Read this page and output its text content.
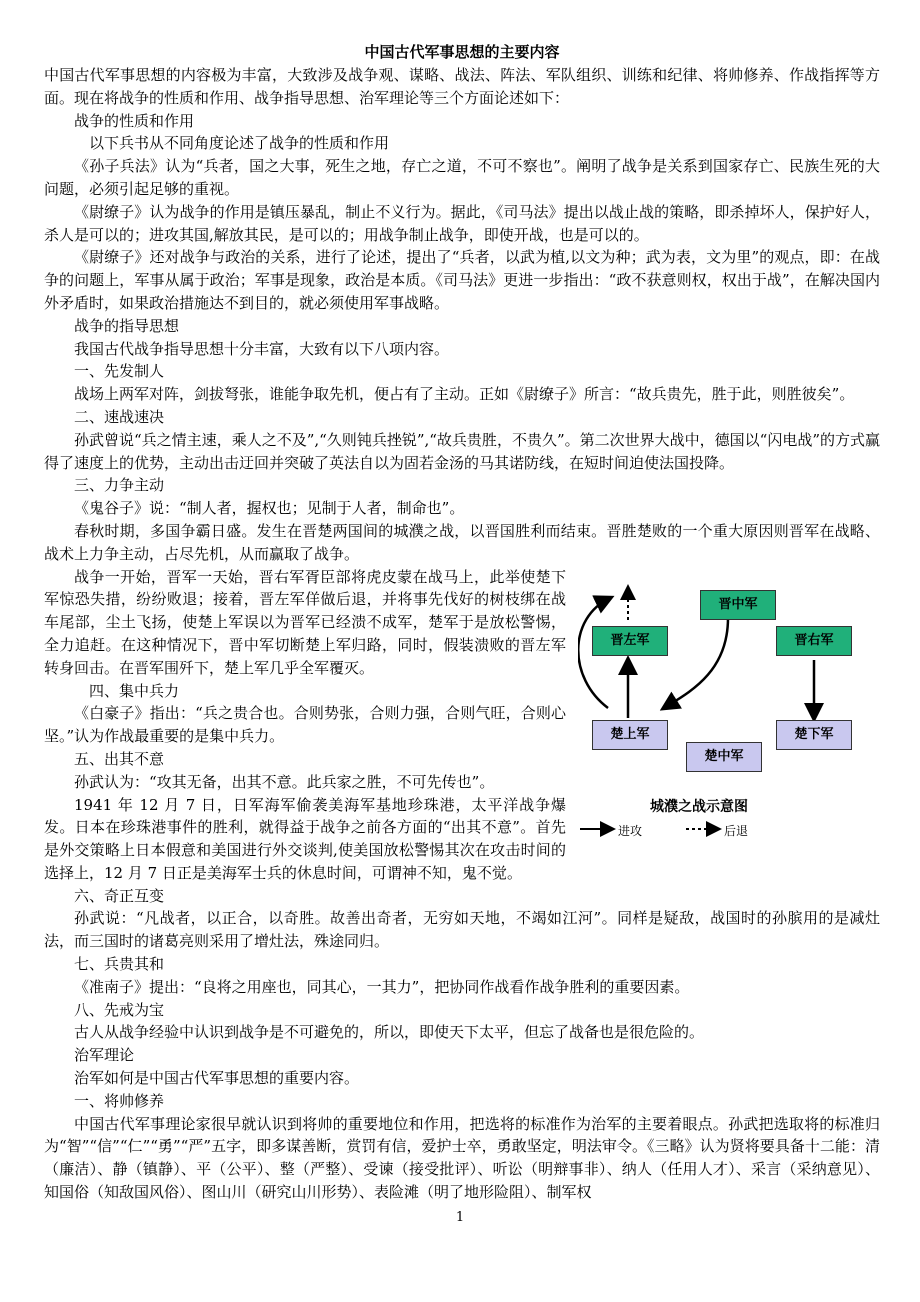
中国古代军事思想的主要内容

中国古代军事思想的内容极为丰富，大致涉及战争观、谋略、战法、阵法、军队组织、训练和纪律、将帅修养、作战指挥等方面。现在将战争的性质和作用、战争指导思想、治军理论等三个方面论述如下：

战争的性质和作用

以下兵书从不同角度论述了战争的性质和作用

《孙子兵法》认为“兵者，国之大事，死生之地，存亡之道，不可不察也”。阐明了战争是关系到国家存亡、民族生死的大问题，必须引起足够的重视。

《尉缭子》认为战争的作用是镇压暴乱，制止不义行为。据此，《司马法》提出以战止战的策略，即杀掉坏人，保护好人，杀人是可以的；进攻其国,解放其民，是可以的；用战争制止战争，即使开战，也是可以的。

《尉缭子》还对战争与政治的关系，进行了论述，提出了“兵者，以武为植,以文为种；武为表，文为里”的观点，即：在战争的问题上，军事从属于政治；军事是现象，政治是本质。《司马法》更进一步指出：“政不获意则权，权出于战”，在解决国内外矛盾时，如果政治措施达不到目的，就必须使用军事战略。

战争的指导思想

我国古代战争指导思想十分丰富，大致有以下八项内容。

一、先发制人

战场上两军对阵，剑拔弩张，谁能争取先机，便占有了主动。正如《尉缭子》所言：“故兵贵先，胜于此，则胜彼矣”。

二、速战速决

孙武曾说“兵之情主速，乘人之不及”,“久则钝兵挫锐”,“故兵贵胜，不贵久”。第二次世界大战中，德国以“闪电战”的方式赢得了速度上的优势，主动出击迂回并突破了英法自以为固若金汤的马其诺防线，在短时间迫使法国投降。

三、力争主动

《鬼谷子》说：“制人者，握权也；见制于人者，制命也”。

春秋时期，多国争霸日盛。发生在晋楚两国间的城濮之战，以晋国胜利而结束。晋胜楚败的一个重大原因则晋军在战略、战术上力争主动，占尽先机，从而赢取了战争。

晋中军
晋左军	晋右军
楚上军
楚中军
楚下军
城濮之战示意图
进攻	后退

战争一开始，晋军一天始，晋右军胥臣部将虎皮蒙在战马上，此举使楚下军惊恐失措，纷纷败退；接着，晋左军佯做后退，并将事先伐好的树枝绑在战车尾部，尘土飞扬，使楚上军误以为晋军已经溃不成军，楚军于是放松警惕，全力追赶。在这种情况下，晋中军切断楚上军归路，同时，假装溃败的晋左军转身回击。在晋军围歼下，楚上军几乎全军覆灭。

四、集中兵力

《白豪子》指出：“兵之贵合也。合则势张，合则力强，合则气旺，合则心坚。”认为作战最重要的是集中兵力。

五、出其不意

孙武认为：“攻其无备，出其不意。此兵家之胜，不可先传也”。

1941 年 12 月 7 日，日军海军偷袭美海军基地珍珠港，太平洋战争爆发。日本在珍珠港事件的胜利，就得益于战争之前各方面的“出其不意”。首先是外交策略上日本假意和美国进行外交谈判,使美国放松警惕其次在攻击时间的选择上，12 月 7 日正是美海军士兵的休息时间，可谓神不知，鬼不觉。

六、奇正互变

孙武说：“凡战者，以正合，以奇胜。故善出奇者，无穷如天地，不竭如江河”。同样是疑敌，战国时的孙膑用的是减灶法，而三国时的诸葛亮则采用了增灶法，殊途同归。

七、兵贵其和

《准南子》提出：“良将之用座也，同其心，一其力”，把协同作战看作战争胜利的重要因素。

八、先戒为宝

古人从战争经验中认识到战争是不可避免的，所以，即使天下太平，但忘了战备也是很危险的。

治军理论

治军如何是中国古代军事思想的重要内容。

一、将帅修养

中国古代军事理论家很早就认识到将帅的重要地位和作用，把选将的标准作为治军的主要着眼点。孙武把选取将的标准归为“智”“信”“仁”“勇”“严”五字，即多谋善断，赏罚有信，爱护士卒，勇敢坚定，明法审令。《三略》认为贤将要具备十二能：清（廉洁）、静（镇静）、平（公平）、整（严整）、受谏（接受批评）、听讼（明辩事非）、纳人（任用人才）、采言（采纳意见）、知国俗（知敌国风俗）、图山川（研究山川形势）、表险滩（明了地形险阻）、制军权

1
